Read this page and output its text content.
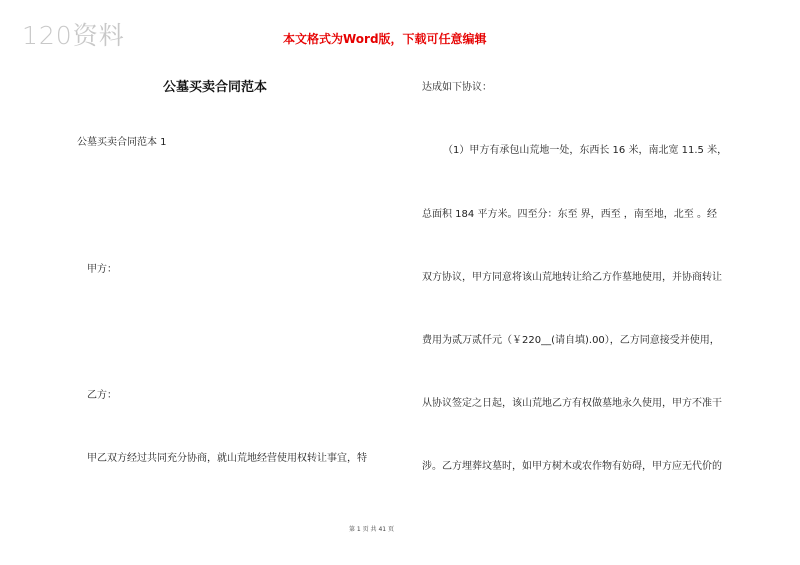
120资料	本文格式为Word版，下载可任意编辑
公墓买卖合同范本
公墓买卖合同范本 1
甲方：
乙方：
甲乙双方经过共同充分协商，就山荒地经营使用权转让事宜，特
达成如下协议：
（1）甲方有承包山荒地一处，东西长 16 米，南北宽 11.5 米，
总面积 184 平方米。四至分：东至 界，西至 ，南至地，北至 。经
双方协议，甲方同意将该山荒地转让给乙方作墓地使用，并协商转让
费用为贰万贰仟元（￥220__(请自填).00），乙方同意接受并使用，
从协议签定之日起，该山荒地乙方有权做墓地永久使用，甲方不准干
涉。乙方埋葬坟墓时，如甲方树木或农作物有妨碍，甲方应无代价的
第 1 页 共 41 页
